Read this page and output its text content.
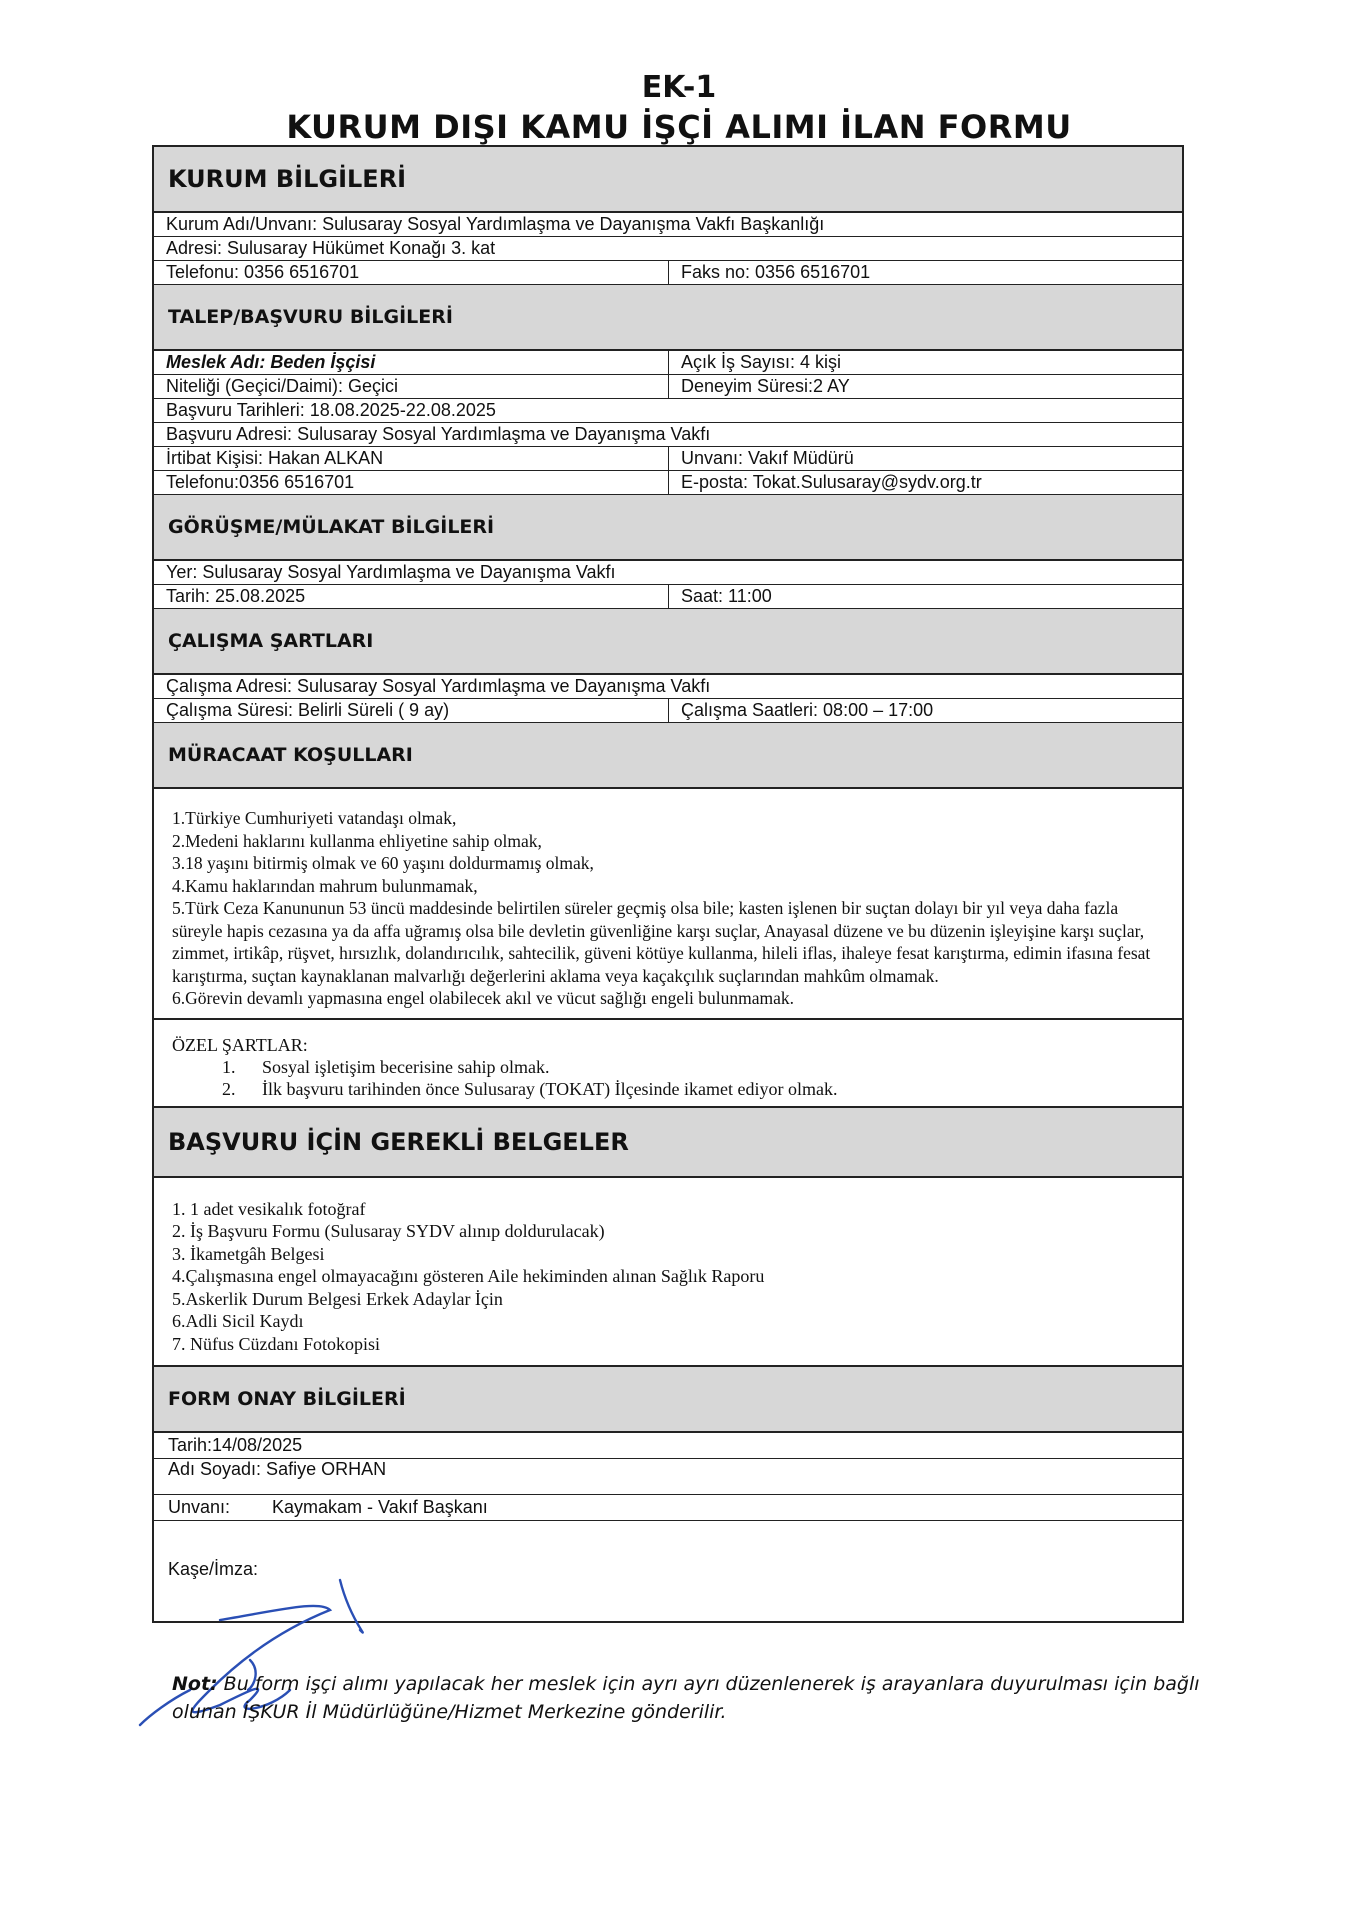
EK-1
KURUM DIŞI KAMU İŞÇİ ALIMI İLAN FORMU
KURUM BİLGİLERİ
Kurum Adı/Unvanı: Sulusaray Sosyal Yardımlaşma ve Dayanışma Vakfı Başkanlığı
Adresi: Sulusaray Hükümet Konağı 3. kat
Telefonu: 0356 6516701	Faks no: 0356 6516701
TALEP/BAŞVURU BİLGİLERİ
Meslek Adı: Beden İşçisi	Açık İş Sayısı: 4 kişi
Niteliği (Geçici/Daimi): Geçici	Deneyim Süresi:2 AY
Başvuru Tarihleri: 18.08.2025-22.08.2025
Başvuru Adresi: Sulusaray Sosyal Yardımlaşma ve Dayanışma Vakfı
İrtibat Kişisi: Hakan ALKAN	Unvanı: Vakıf Müdürü
Telefonu:0356 6516701	E-posta: Tokat.Sulusaray@sydv.org.tr
GÖRÜŞME/MÜLAKAT BİLGİLERİ
Yer: Sulusaray Sosyal Yardımlaşma ve Dayanışma Vakfı
Tarih: 25.08.2025	Saat: 11:00
ÇALIŞMA ŞARTLARI
Çalışma Adresi: Sulusaray Sosyal Yardımlaşma ve Dayanışma Vakfı
Çalışma Süresi: Belirli Süreli ( 9 ay)	Çalışma Saatleri: 08:00 – 17:00
MÜRACAAT KOŞULLARI

1.Türkiye Cumhuriyeti vatandaşı olmak,

2.Medeni haklarını kullanma ehliyetine sahip olmak,

3.18 yaşını bitirmiş olmak ve 60 yaşını doldurmamış olmak,

4.Kamu haklarından mahrum bulunmamak,

5.Türk Ceza Kanununun 53 üncü maddesinde belirtilen süreler geçmiş olsa bile; kasten işlenen bir suçtan dolayı bir yıl veya daha fazla süreyle hapis cezasına ya da affa uğramış olsa bile devletin güvenliğine karşı suçlar, Anayasal düzene ve bu düzenin işleyişine karşı suçlar, zimmet, irtikâp, rüşvet, hırsızlık, dolandırıcılık, sahtecilik, güveni kötüye kullanma, hileli iflas, ihaleye fesat karıştırma, edimin ifasına fesat karıştırma, suçtan kaynaklanan malvarlığı değerlerini aklama veya kaçakçılık suçlarından mahkûm olmamak.

6.Görevin devamlı yapmasına engel olabilecek akıl ve vücut sağlığı engeli bulunmamak.

ÖZEL ŞARTLAR:
1.	Sosyal işletişim becerisine sahip olmak.
2.	İlk başvuru tarihinden önce Sulusaray (TOKAT) İlçesinde ikamet ediyor olmak.
BAŞVURU İÇİN GEREKLİ BELGELER
1. 1 adet vesikalık fotoğraf
2. İş Başvuru Formu (Sulusaray SYDV alınıp doldurulacak)
3. İkametgâh Belgesi
4.Çalışmasına engel olmayacağını gösteren Aile hekiminden alınan Sağlık Raporu
5.Askerlik Durum Belgesi Erkek Adaylar İçin
6.Adli Sicil Kaydı
7. Nüfus Cüzdanı Fotokopisi
FORM ONAY BİLGİLERİ
Tarih:14/08/2025
Adı Soyadı: Safiye ORHAN
Unvanı:	Kaymakam - Vakıf Başkanı
Kaşe/İmza:
Not: Bu form işçi alımı yapılacak her meslek için ayrı ayrı düzenlenerek iş arayanlara duyurulması için bağlı olunan İŞKUR İl Müdürlüğüne/Hizmet Merkezine gönderilir.
